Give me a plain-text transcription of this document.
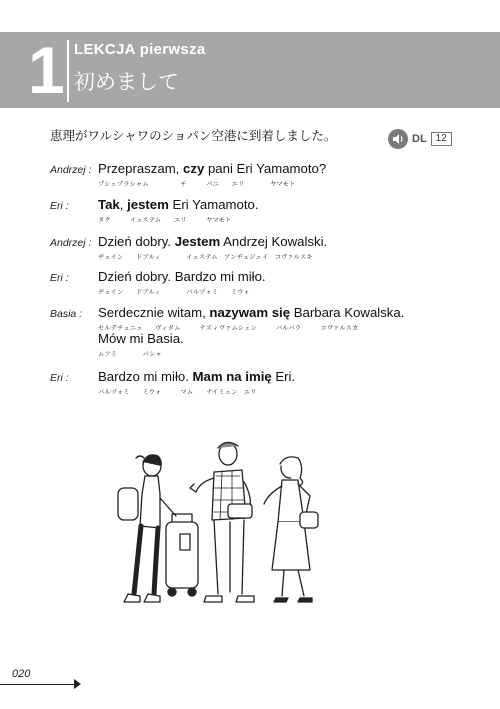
1 LEKCJA pierwsza
初めまして
恵理がワルシャワのショパン空港に到着しました。	DL 12
Andrzej : Przepraszam, czy pani Eri Yamamoto?
プシェプラシャム　　　　　チ　　　パニ　　エリ　　　　ヤマモト
Eri : Tak, jestem Eri Yamamoto.
タク　　　イェステム　　エリ　　　ヤマモト
Andrzej : Dzień dobry. Jestem Andrzej Kowalski.
ヂェイン　　ドブルィ　　　　イェステム　アンヂュジェイ　コヴァルスキ
Eri : Dzień dobry. Bardzo mi miło.
ヂェイン　　ドブルィ　　　　バルヅォミ　　ミウォ
Basia : Serdecznie witam, nazywam się Barbara Kowalska.
セルデチュニェ　　ヴィタム　　　ナズィヴァムシェン　　　バルバラ　　　コヴァルスカ
Mów mi Basia.
ムフミ　　　　バシャ
Eri : Bardzo mi miło. Mam na imię Eri.
バルヅォミ　　ミウォ　　　マム　　ナイミェン　エリ
020
